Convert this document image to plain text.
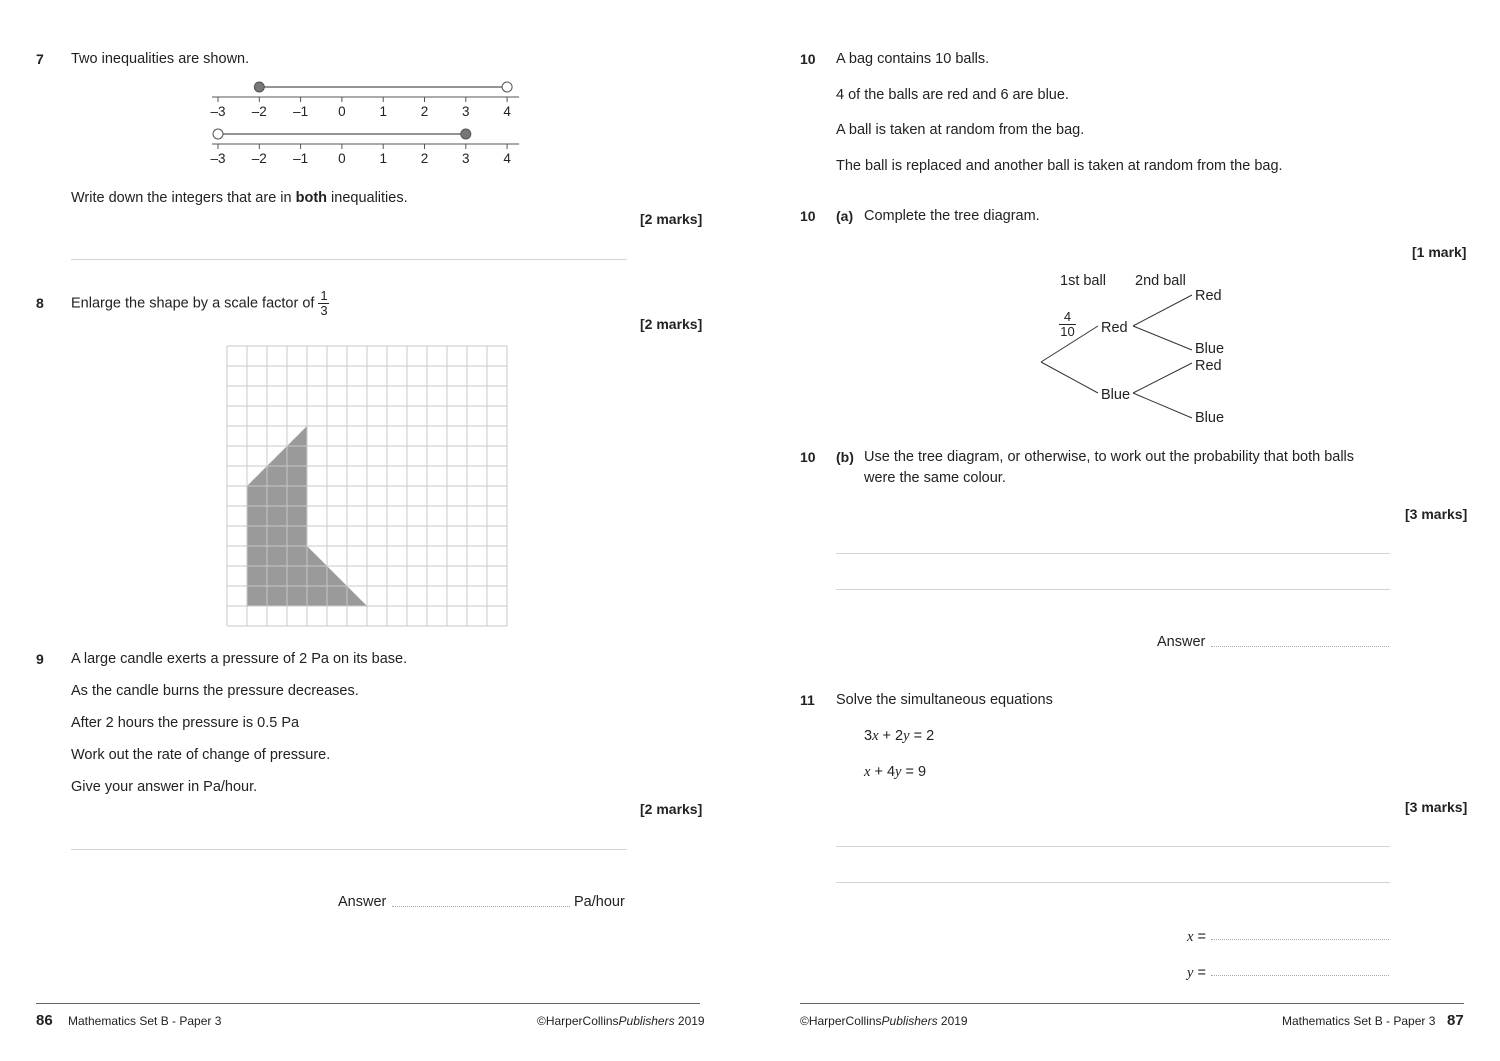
7 Two inequalities are shown.
–3 –2 –1 0	1	2	3	4
–3 –2 –1 0	1	2	3	4
Write down the integers that are in both inequalities.
[2 marks]
8 Enlarge the shape by a scale factor of $\frac{1}{3}$
[2 marks]
9 A large candle exerts a pressure of 2 Pa on its base.
As the candle burns the pressure decreases.
After 2 hours the pressure is 0.5 Pa
Work out the rate of change of pressure.
Give your answer in Pa/hour.
[2 marks]
Answer	Pa/hour
86 Mathematics Set B - Paper 3	©HarperCollinsPublishers 2019
10 A bag contains 10 balls.
4 of the balls are red and 6 are blue.
A ball is taken at random from the bag.
The ball is replaced and another ball is taken at random from the bag.
10 (a) Complete the tree diagram.
[1 mark]
1st ball 2nd ball
$\frac{4}{10}$ Red
Blue
Red
Blue
Red
Blue
10 (b) Use the tree diagram, or otherwise, to work out the probability that both balls
were the same colour.
[3 marks]
Answer
11 Solve the simultaneous equations
3x + 2y = 2
x + 4y = 9
[3 marks]
x =
y =
©HarperCollinsPublishers 2019	Mathematics Set B - Paper 3 87
